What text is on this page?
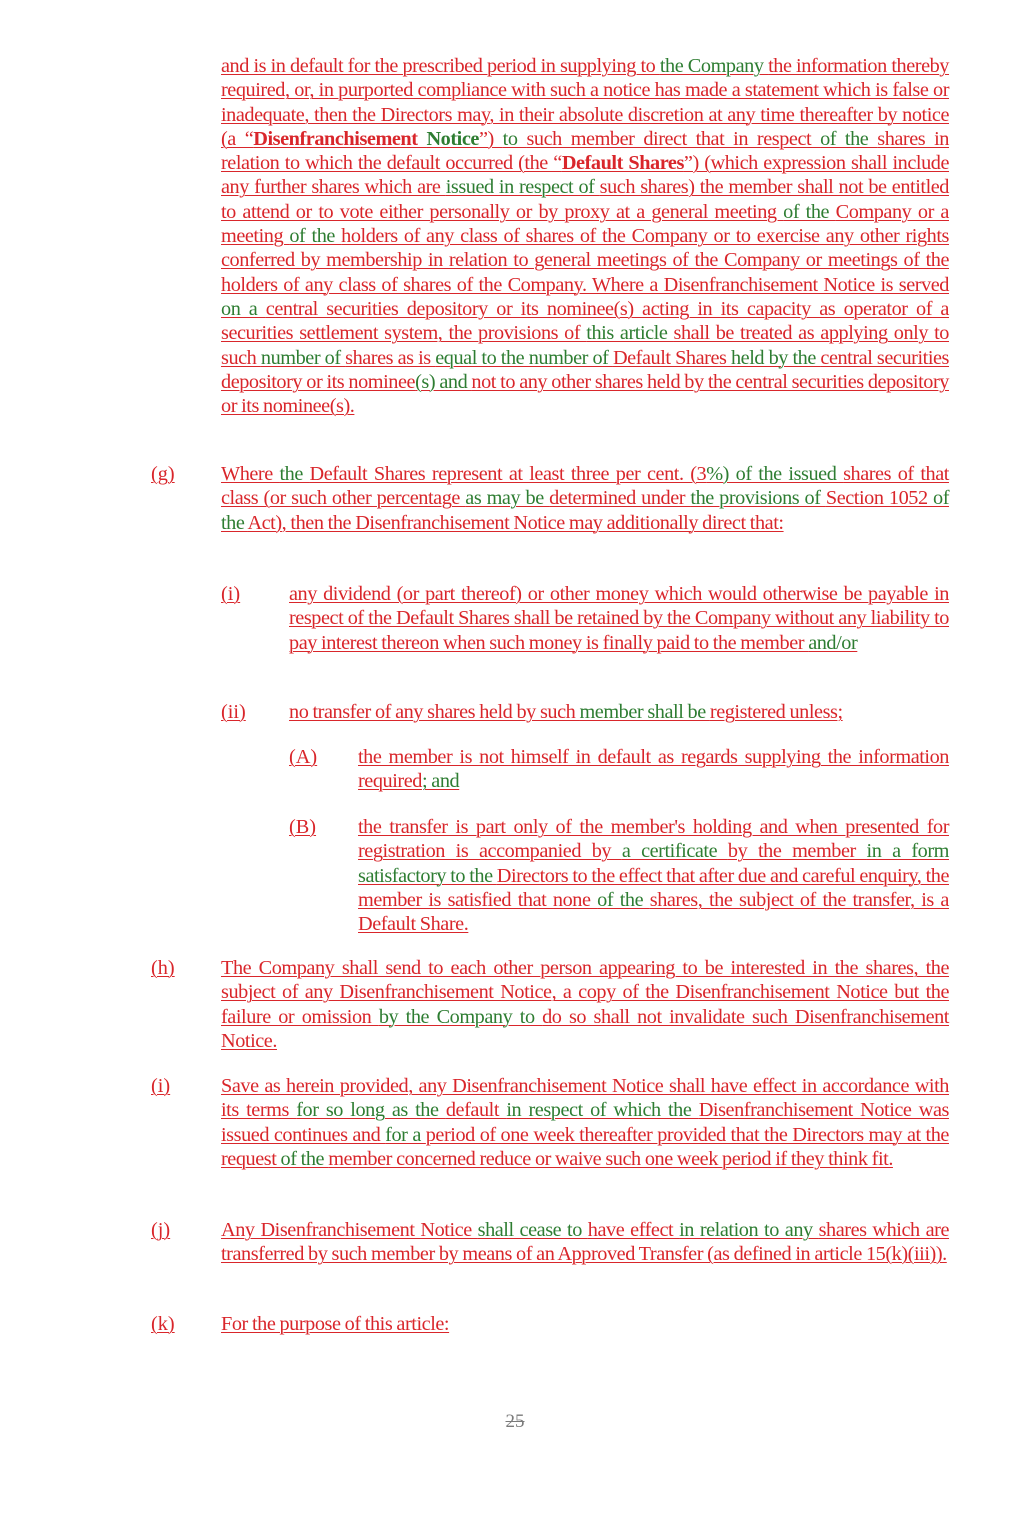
and is in default for the prescribed period in supplying to the Company the information thereby required, or, in purported compliance with such a notice has made a statement which is false or inadequate, then the Directors may, in their absolute discretion at any time thereafter by notice (a “Disenfranchisement Notice”) to such member direct that in respect of the shares in relation to which the default occurred (the “Default Shares”) (which expression shall include any further shares which are issued in respect of such shares) the member shall not be entitled to attend or to vote either personally or by proxy at a general meeting of the Company or a meeting of the holders of any class of shares of the Company or to exercise any other rights conferred by membership in relation to general meetings of the Company or meetings of the holders of any class of shares of the Company. Where a Disenfranchisement Notice is served on a central securities depository or its nominee(s) acting in its capacity as operator of a securities settlement system, the provisions of this article shall be treated as applying only to such number of shares as is equal to the number of Default Shares held by the central securities depository or its nominee(s) and not to any other shares held by the central securities depository or its nominee(s).
(g) Where the Default Shares represent at least three per cent. (3%) of the issued shares of that class (or such other percentage as may be determined under the provisions of Section 1052 of the Act), then the Disenfranchisement Notice may additionally direct that:
(i) any dividend (or part thereof) or other money which would otherwise be payable in respect of the Default Shares shall be retained by the Company without any liability to pay interest thereon when such money is finally paid to the member and/or
(ii) no transfer of any shares held by such member shall be registered unless;
(A) the member is not himself in default as regards supplying the information required; and
(B) the transfer is part only of the member's holding and when presented for registration is accompanied by a certificate by the member in a form satisfactory to the Directors to the effect that after due and careful enquiry, the member is satisfied that none of the shares, the subject of the transfer, is a Default Share.
(h) The Company shall send to each other person appearing to be interested in the shares, the subject of any Disenfranchisement Notice, a copy of the Disenfranchisement Notice but the failure or omission by the Company to do so shall not invalidate such Disenfranchisement Notice.
(i)	Save as herein provided, any Disenfranchisement Notice shall have effect in accordance with its terms for so long as the default in respect of which the Disenfranchisement Notice was issued continues and for a period of one week thereafter provided that the Directors may at the request of the member concerned reduce or waive such one week period if they think fit.
(j)	Any Disenfranchisement Notice shall cease to have effect in relation to any shares which are transferred by such member by means of an Approved Transfer (as defined in article 15(k)(iii)).
(k) For the purpose of this article:
25
